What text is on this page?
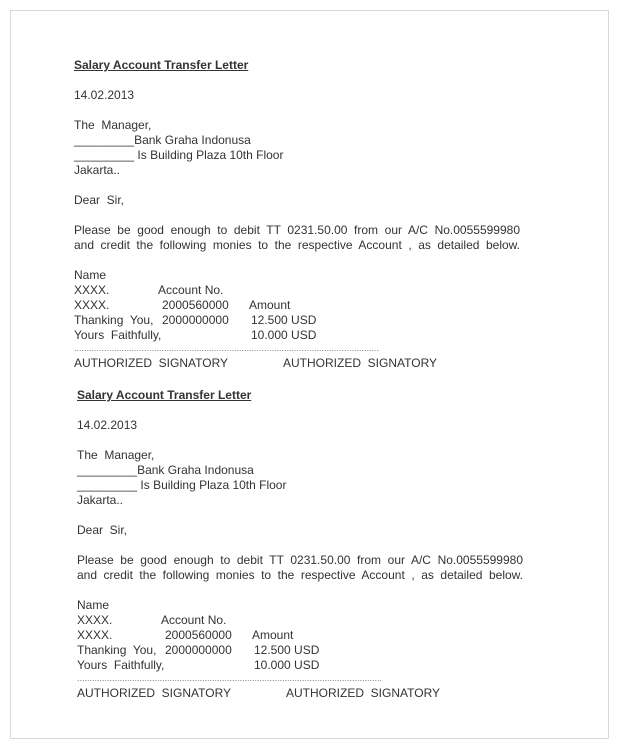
Salary Account Transfer Letter
14.02.2013
The  Manager,
_________Bank Graha Indonusa
_________ Is Building Plaza 10th Floor
Jakarta..
Dear  Sir,
Please be good enough to debit TT 0231.50.00 from our A/C No.0055599980
and credit the following monies to the respective Account , as detailed below.

Name

Account No.

Amount

XXXX.

2000560000

12.500 USD

XXXX.

2000000000

10.000 USD

Thanking  You,
Yours  Faithfully,
..........................................................................................................................
AUTHORIZED  SIGNATORY	AUTHORIZED  SIGNATORY
Salary Account Transfer Letter
14.02.2013
The  Manager,
_________Bank Graha Indonusa
_________ Is Building Plaza 10th Floor
Jakarta..
Dear  Sir,
Please be good enough to debit TT 0231.50.00 from our A/C No.0055599980
and credit the following monies to the respective Account , as detailed below.

Name

Account No.

Amount

XXXX.

2000560000

12.500 USD

XXXX.

2000000000

10.000 USD

Thanking  You,
Yours  Faithfully,
..........................................................................................................................
AUTHORIZED  SIGNATORY	AUTHORIZED  SIGNATORY
